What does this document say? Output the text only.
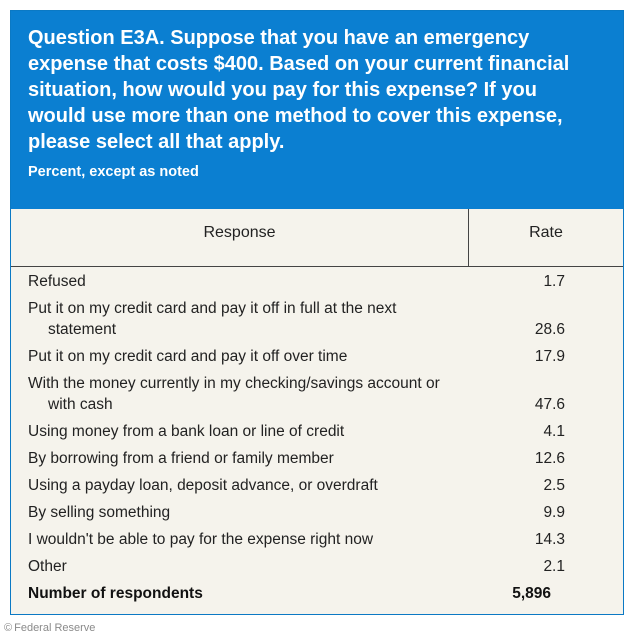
Question E3A. Suppose that you have an emergency
expense that costs $400. Based on your current financial
situation, how would you pay for this expense? If you
would use more than one method to cover this expense,
please select all that apply.

Percent, except as noted
Response	Rate
Refused	1.7
Put it on my credit card and pay it off in full at the next
statement	28.6
Put it on my credit card and pay it off over time	17.9
With the money currently in my checking/savings account or
with cash	47.6
Using money from a bank loan or line of credit	4.1
By borrowing from a friend or family member	12.6
Using a payday loan, deposit advance, or overdraft	2.5
By selling something	9.9
I wouldn't be able to pay for the expense right now	14.3
Other	2.1
Number of respondents	5,896
© Federal Reserve
